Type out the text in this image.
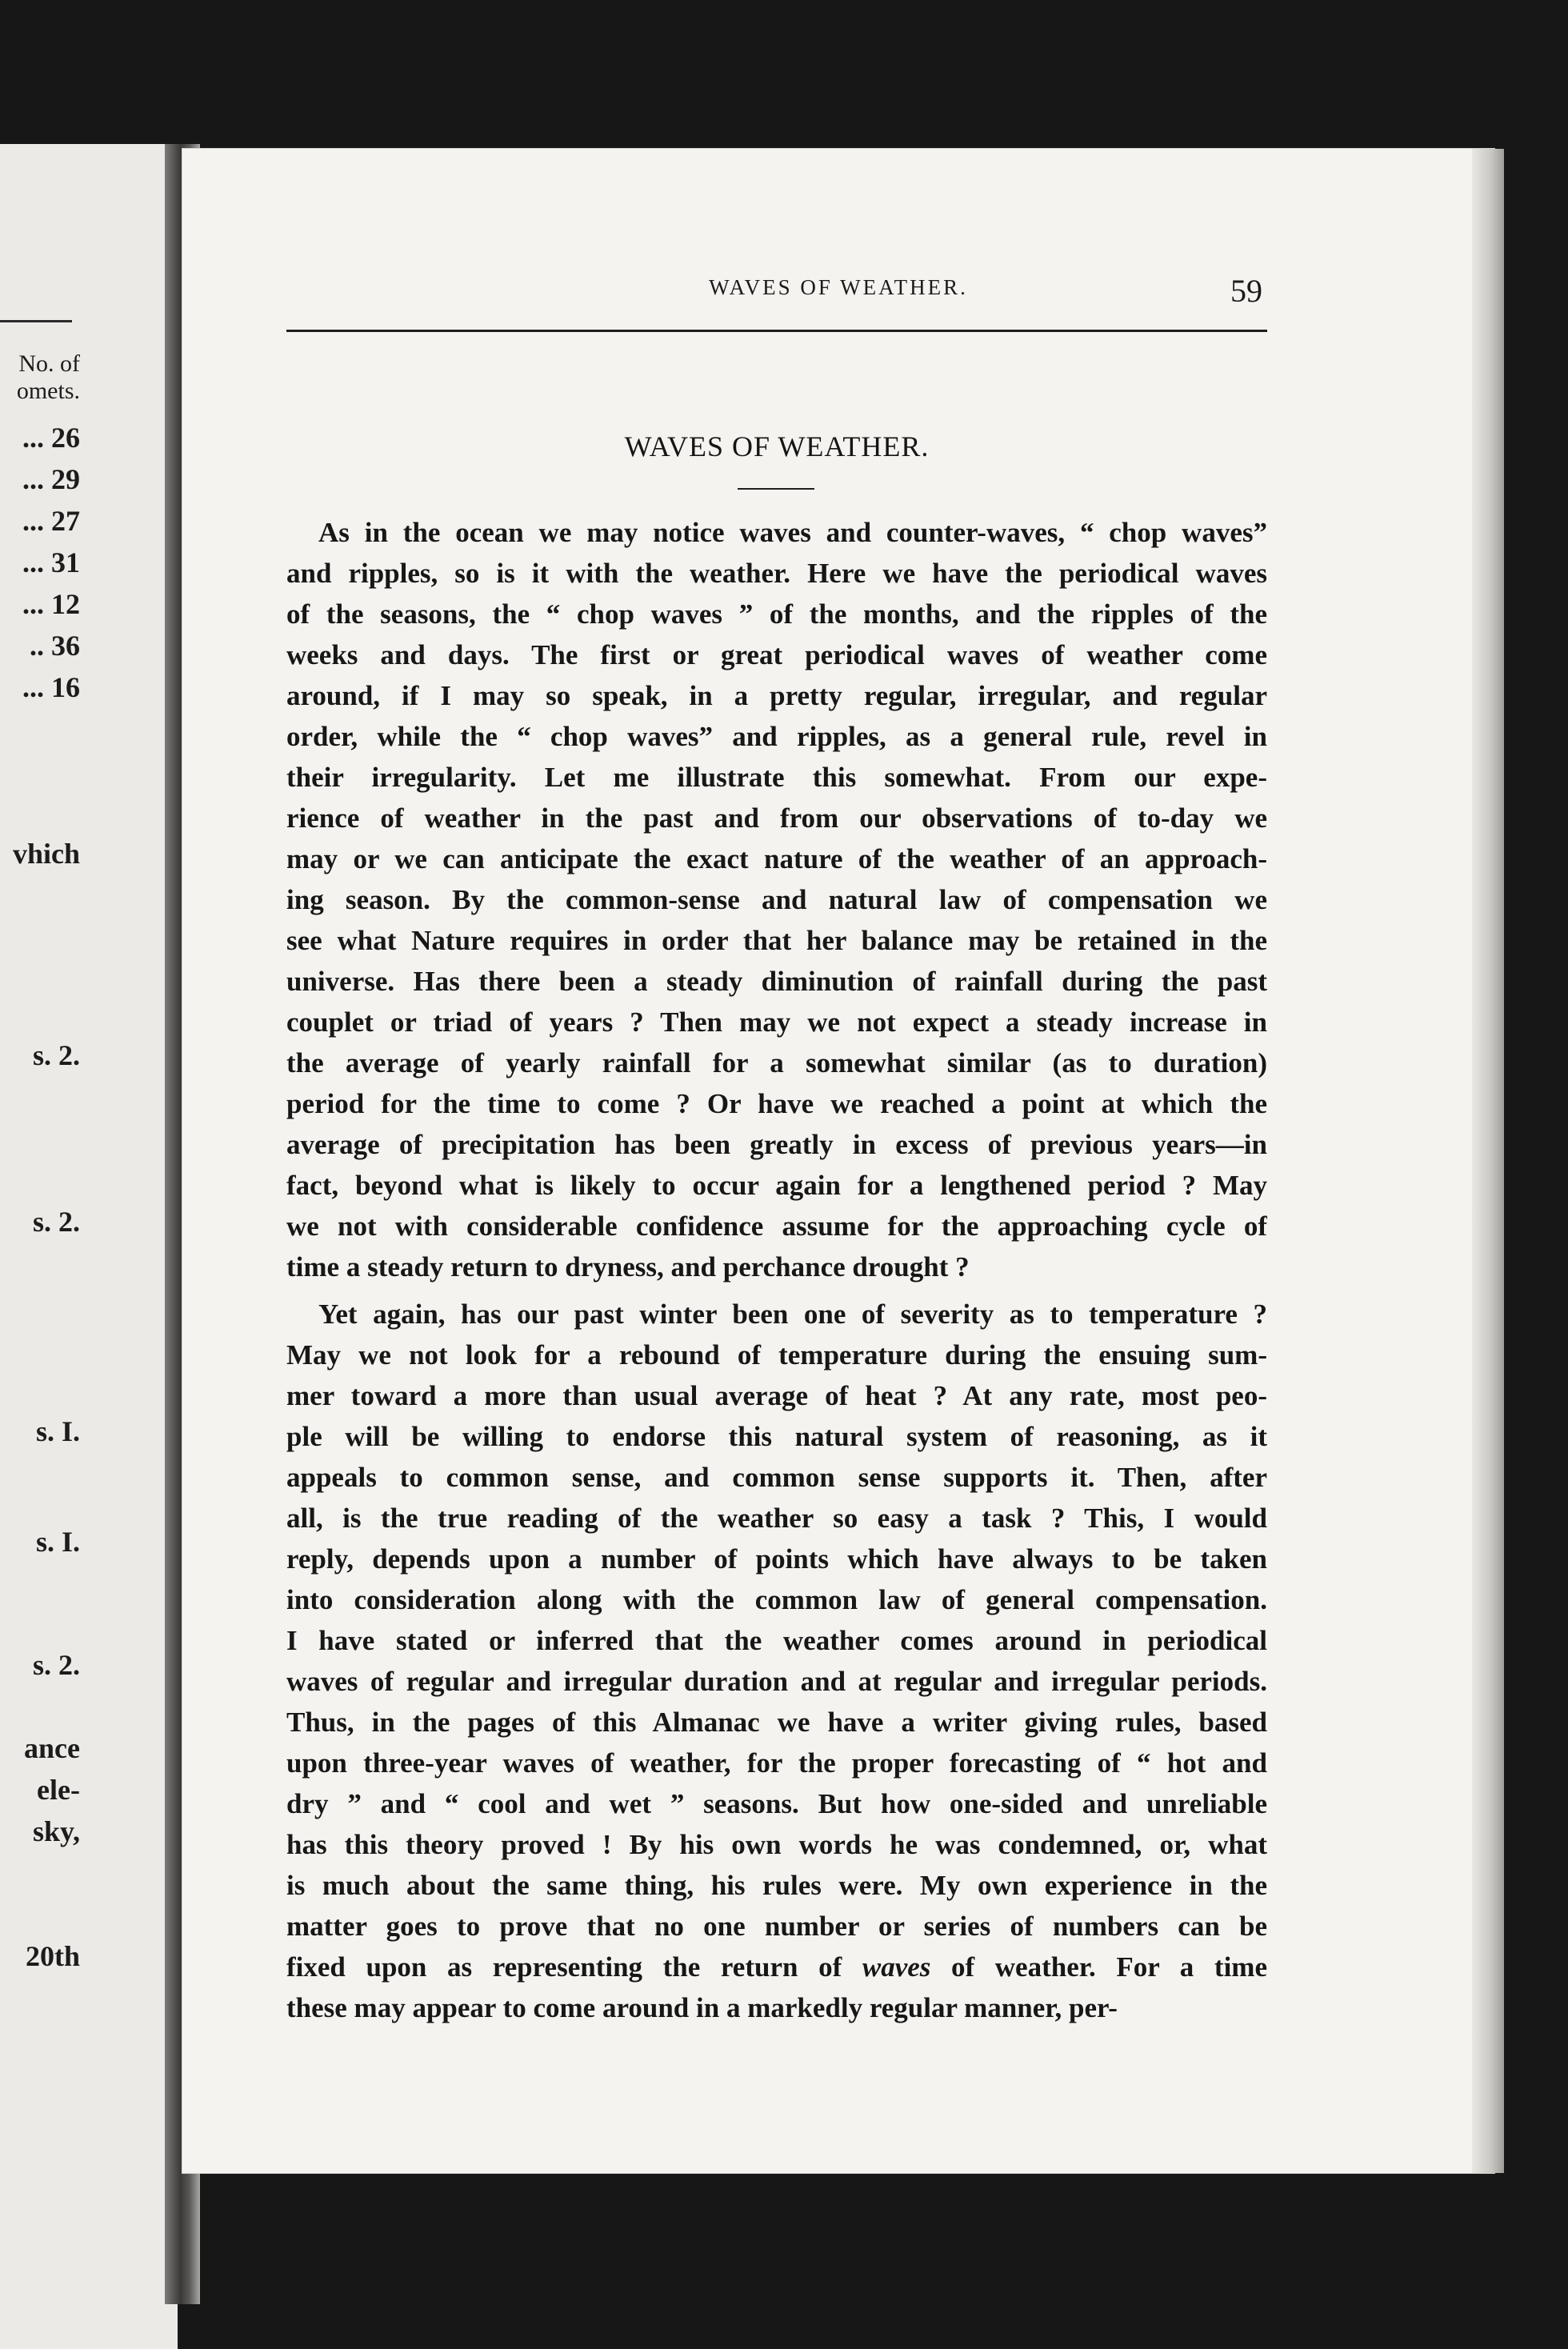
WAVES OF WEATHER.	59
WAVES OF WEATHER.
As in the ocean we may notice waves and counter-waves, “ chop waves”
and ripples, so is it with the weather. Here we have the periodical waves
of the seasons, the “ chop waves ” of the months, and the ripples of the
weeks and days. The first or great periodical waves of weather come
around, if I may so speak, in a pretty regular, irregular, and regular
order, while the “ chop waves” and ripples, as a general rule, revel in
their irregularity. Let me illustrate this somewhat. From our expe-
rience of weather in the past and from our observations of to-day we
may or we can anticipate the exact nature of the weather of an approach-
ing season. By the common-sense and natural law of compensation we
see what Nature requires in order that her balance may be retained in the
universe. Has there been a steady diminution of rainfall during the past
couplet or triad of years ? Then may we not expect a steady increase in
the average of yearly rainfall for a somewhat similar (as to duration)
period for the time to come ? Or have we reached a point at which the
average of precipitation has been greatly in excess of previous years—in
fact, beyond what is likely to occur again for a lengthened period ? May
we not with considerable confidence assume for the approaching cycle of
time a steady return to dryness, and perchance drought ?
Yet again, has our past winter been one of severity as to temperature ?
May we not look for a rebound of temperature during the ensuing sum-
mer toward a more than usual average of heat ? At any rate, most peo-
ple will be willing to endorse this natural system of reasoning, as it
appeals to common sense, and common sense supports it. Then, after
all, is the true reading of the weather so easy a task ? This, I would
reply, depends upon a number of points which have always to be taken
into consideration along with the common law of general compensation.
I have stated or inferred that the weather comes around in periodical
waves of regular and irregular duration and at regular and irregular periods.
Thus, in the pages of this Almanac we have a writer giving rules, based
upon three-year waves of weather, for the proper forecasting of “ hot and
dry ” and “ cool and wet ” seasons. But how one-sided and unreliable
has this theory proved ! By his own words he was condemned, or, what
is much about the same thing, his rules were. My own experience in the
matter goes to prove that no one number or series of numbers can be
fixed upon as representing the return of waves of weather. For a time
these may appear to come around in a markedly regular manner, per-
No. of
omets.
... 26
... 29
... 27
... 31
... 12
.. 36
... 16
vhich
s. 2.
s. 2.
s. I.
s. I.
s. 2.
ance
ele-
sky,
20th
